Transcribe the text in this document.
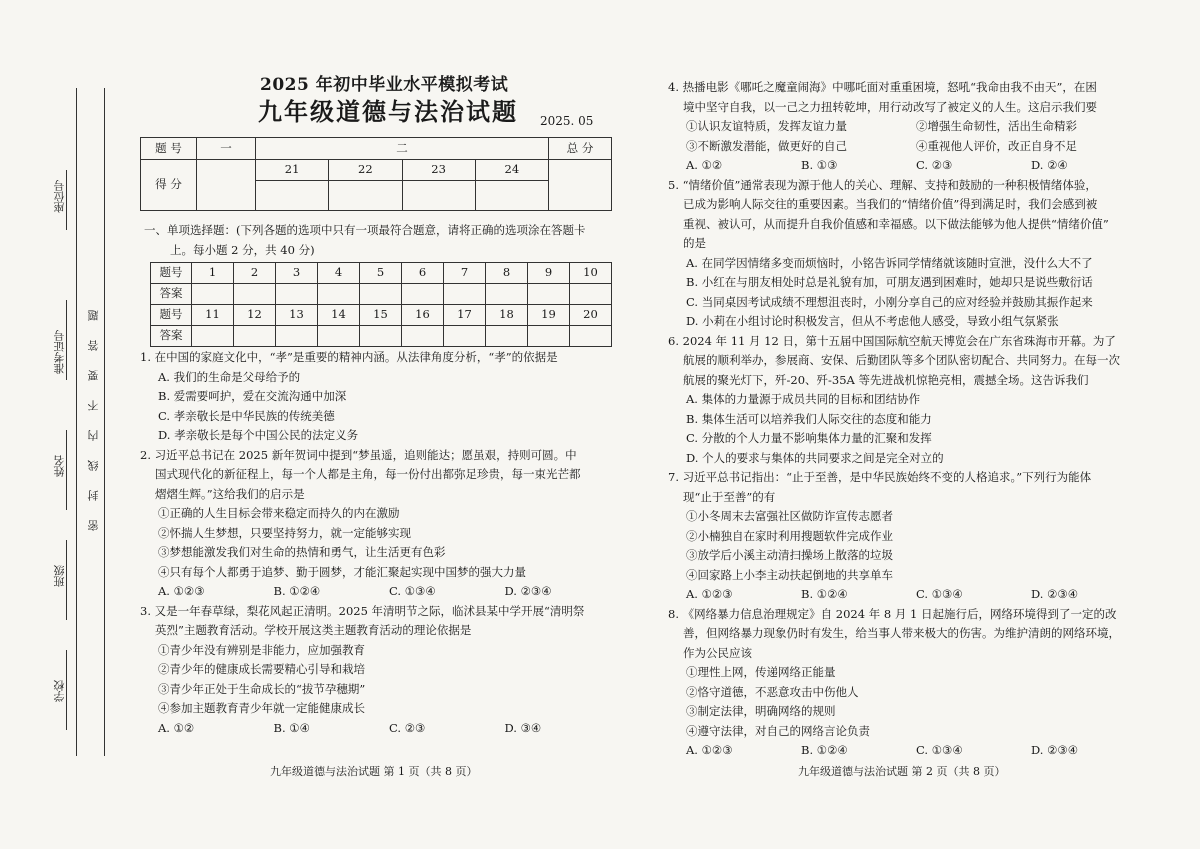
座位号
准考证号
姓名
班级
学校
密
封
线
内
不
要
答
题
2025 年初中毕业水平模拟考试
九年级道德与法治试题 2025. 05
题 号	一	二				总 分
得 分		21	22	23	24	

一、单项选择题：(下列各题的选项中只有一项最符合题意，请将正确的选项涂在答题卡

上。每小题 2 分，共 40 分)

题号	1	2	3	4	5	6	7	8	9	10
答案										
题号	11	12	13	14	15	16	17	18	19	20
答案										

1. 在中国的家庭文化中，“孝”是重要的精神内涵。从法律角度分析，“孝”的依据是

A. 我们的生命是父母给予的

B. 爱需要呵护，爱在交流沟通中加深

C. 孝亲敬长是中华民族的传统美德

D. 孝亲敬长是每个中国公民的法定义务

2. 习近平总书记在 2025 新年贺词中提到“梦虽遥，追则能达；愿虽艰，持则可圆。中

国式现代化的新征程上，每一个人都是主角，每一份付出都弥足珍贵，每一束光芒都

熠熠生辉。”这给我们的启示是

①正确的人生目标会带来稳定而持久的内在激励

②怀揣人生梦想，只要坚持努力，就一定能够实现

③梦想能激发我们对生命的热情和勇气，让生活更有色彩

④只有每个人都勇于追梦、勤于圆梦，才能汇聚起实现中国梦的强大力量

A. ①②③	B. ①②④	C. ①③④	D. ②③④

3. 又是一年春草绿，梨花风起正清明。2025 年清明节之际，临沭县某中学开展“清明祭

英烈”主题教育活动。学校开展这类主题教育活动的理论依据是

①青少年没有辨别是非能力，应加强教育

②青少年的健康成长需要精心引导和栽培

③青少年正处于生命成长的“拔节孕穗期”

④参加主题教育青少年就一定能健康成长

A. ①②	B. ①④	C. ②③	D. ③④
九年级道德与法治试题 第 1 页（共 8 页）

4. 热播电影《哪吒之魔童闹海》中哪吒面对重重困境，怒吼“我命由我不由天”，在困

境中坚守自我，以一己之力扭转乾坤，用行动改写了被定义的人生。这启示我们要

①认识友谊特质，发挥友谊力量	②增强生命韧性，活出生命精彩
③不断激发潜能，做更好的自己	④重视他人评价，改正自身不足
A. ①②	B. ①③	C. ②③	D. ②④

5. “情绪价值”通常表现为源于他人的关心、理解、支持和鼓励的一种积极情绪体验，

已成为影响人际交往的重要因素。当我们的“情绪价值”得到满足时，我们会感到被

重视、被认可，从而提升自我价值感和幸福感。以下做法能够为他人提供“情绪价值”

的是

A. 在同学因情绪多变而烦恼时，小铭告诉同学情绪就该随时宣泄，没什么大不了

B. 小红在与朋友相处时总是礼貌有加，可朋友遇到困难时，她却只是说些敷衍话

C. 当同桌因考试成绩不理想沮丧时，小刚分享自己的应对经验并鼓励其振作起来

D. 小莉在小组讨论时积极发言，但从不考虑他人感受，导致小组气氛紧张

6. 2024 年 11 月 12 日，第十五届中国国际航空航天博览会在广东省珠海市开幕。为了

航展的顺利举办，参展商、安保、后勤团队等多个团队密切配合、共同努力。在每一次

航展的聚光灯下，歼-20、歼-35A 等先进战机惊艳亮相，震撼全场。这告诉我们

A. 集体的力量源于成员共同的目标和团结协作

B. 集体生活可以培养我们人际交往的态度和能力

C. 分散的个人力量不影响集体力量的汇聚和发挥

D. 个人的要求与集体的共同要求之间是完全对立的

7. 习近平总书记指出：“止于至善，是中华民族始终不变的人格追求。”下列行为能体

现“止于至善”的有

①小冬周末去富强社区做防诈宣传志愿者

②小楠独自在家时利用搜题软件完成作业

③放学后小溪主动清扫操场上散落的垃圾

④回家路上小李主动扶起倒地的共享单车

A. ①②③	B. ①②④	C. ①③④	D. ②③④

8. 《网络暴力信息治理规定》自 2024 年 8 月 1 日起施行后，网络环境得到了一定的改

善，但网络暴力现象仍时有发生，给当事人带来极大的伤害。为维护清朗的网络环境，

作为公民应该

①理性上网，传递网络正能量

②恪守道德，不恶意攻击中伤他人

③制定法律，明确网络的规则

④遵守法律，对自己的网络言论负责

A. ①②③	B. ①②④	C. ①③④	D. ②③④
九年级道德与法治试题 第 2 页（共 8 页）
